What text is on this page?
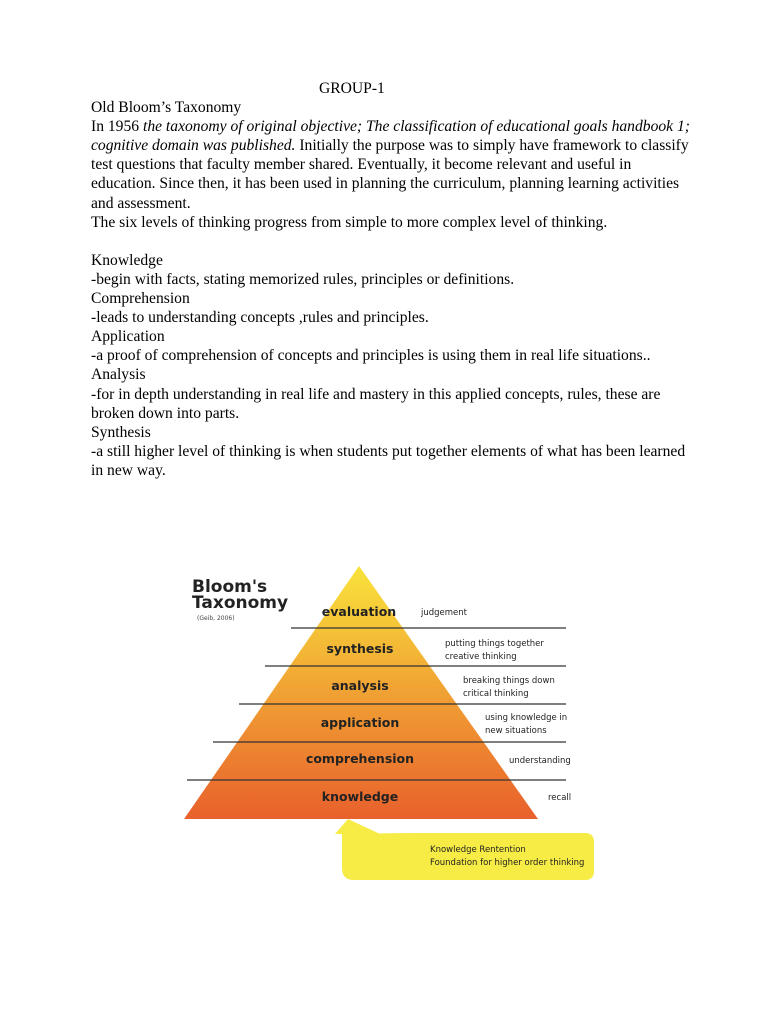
GROUP-1
Old Bloom’s Taxonomy
In 1956 the taxonomy of original objective; The classification of educational goals handbook 1; cognitive domain was published. Initially the purpose was to simply have framework to classify test questions that faculty member shared. Eventually, it become relevant and useful in education. Since then, it has been used in planning the curriculum, planning learning activities and assessment.
The six levels of thinking progress from simple to more complex level of thinking.
Knowledge
-begin with facts, stating memorized rules, principles or definitions.
Comprehension
-leads to understanding concepts ,rules and principles.
Application
-a proof of comprehension of concepts and principles is using them in real life situations..
Analysis
-for in depth understanding in real life and mastery in this applied concepts, rules, these are broken down into parts.
Synthesis
-a still higher level of thinking is when students put together elements of what has been learned in new way.
Bloom's
Taxonomy
(Geib, 2006)	evaluation
synthesis
analysis
application
comprehension
knowledge
judgement
putting things together
creative thinking
breaking things down
critical thinking
using knowledge in
new situations
understanding
recall
Knowledge Rentention
Foundation for higher order thinking
